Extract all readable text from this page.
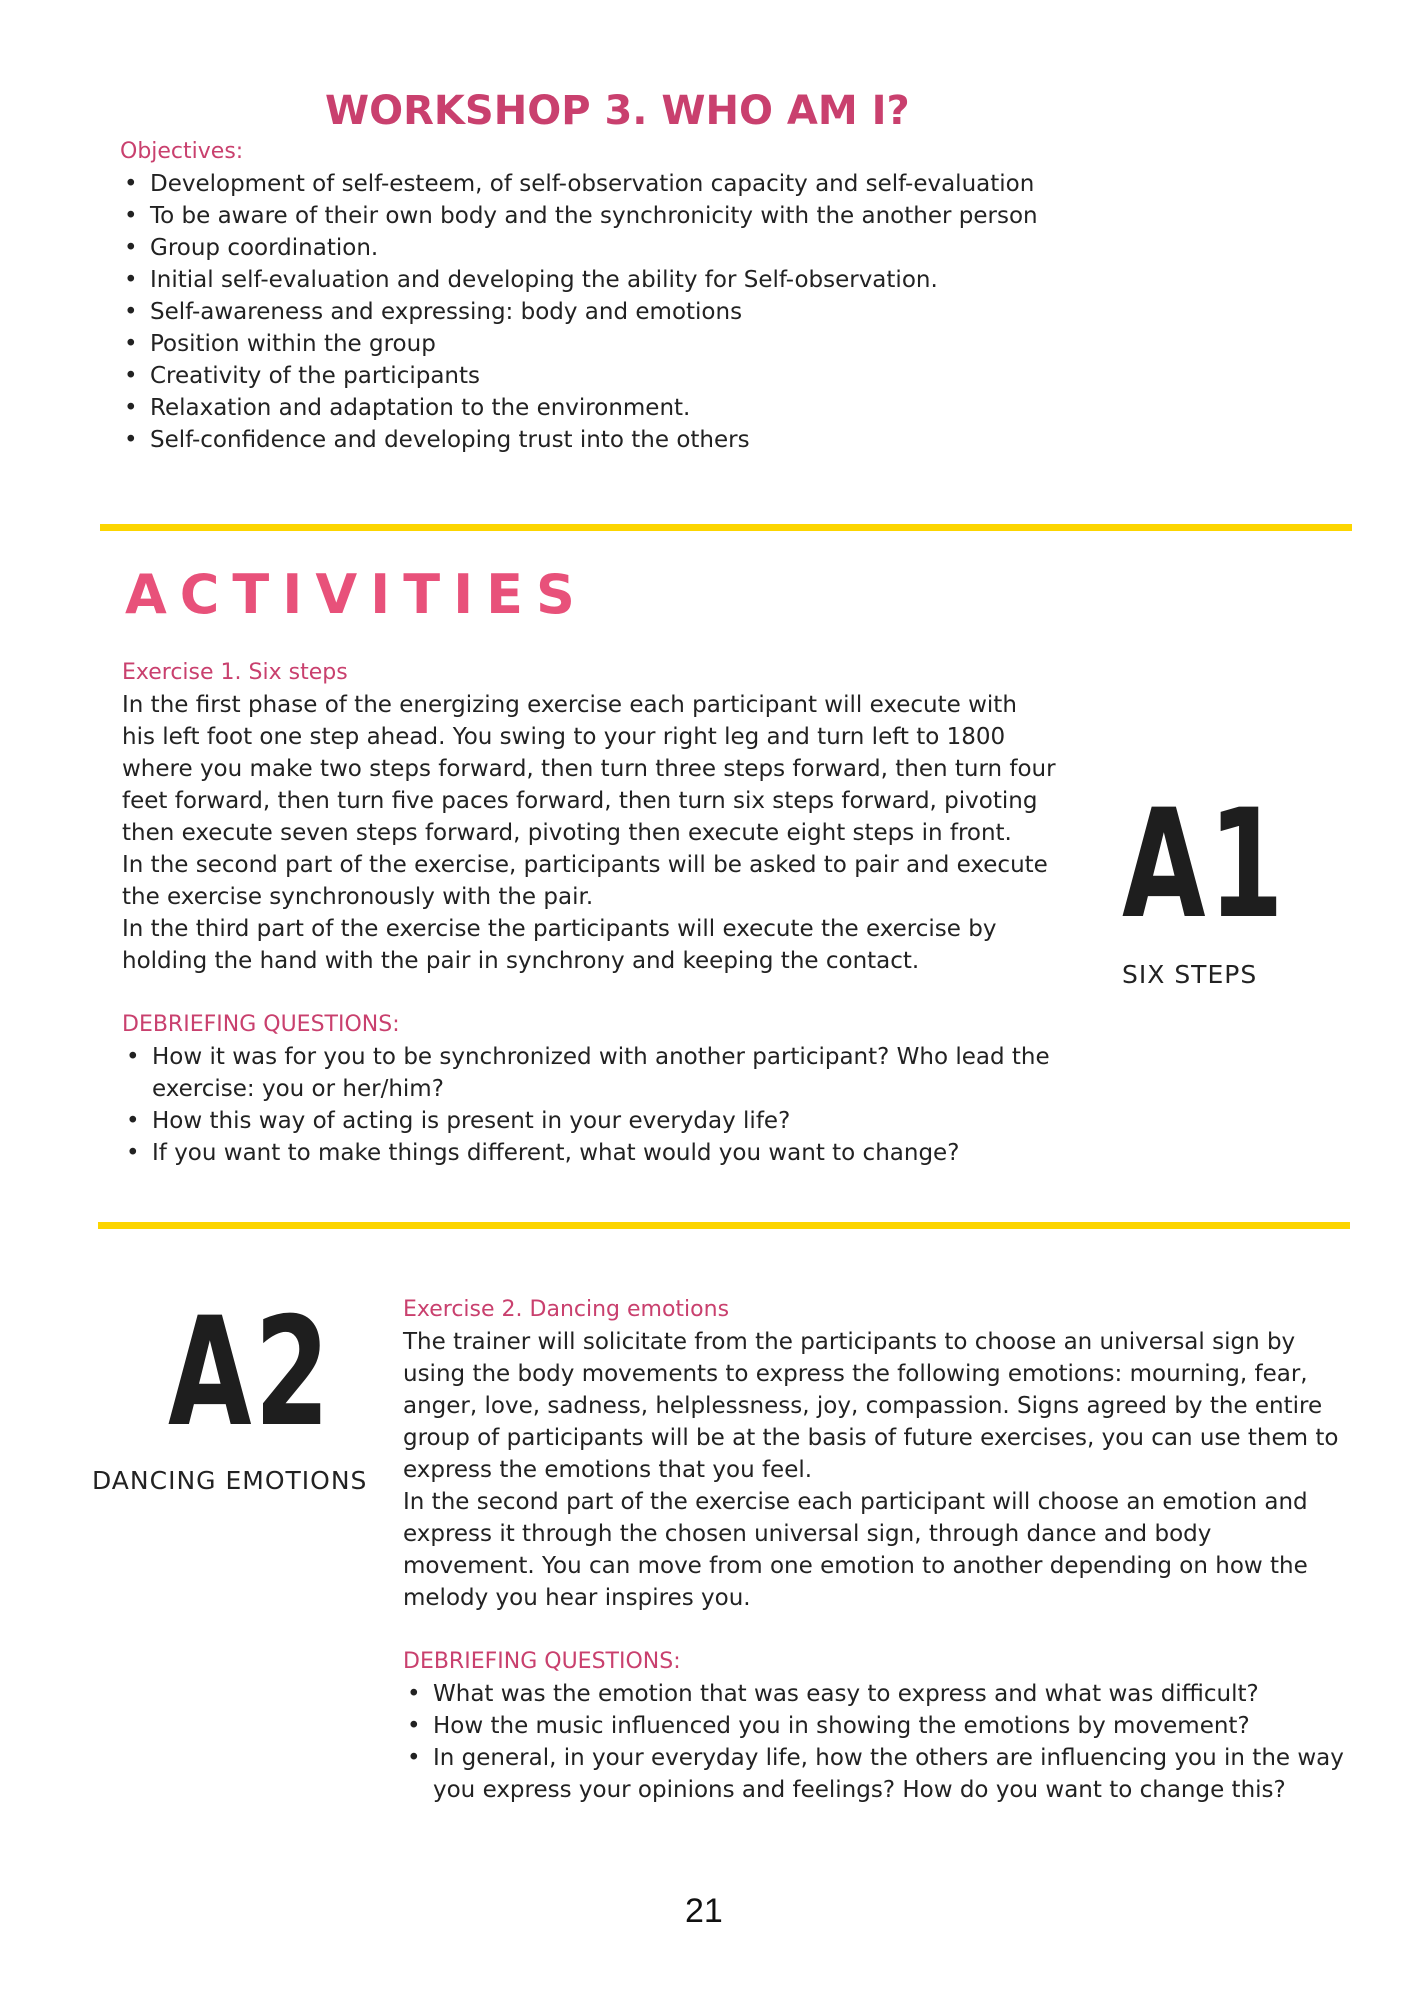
WORKSHOP 3. WHO AM I?

Objectives:

• Development of self-esteem, of self-observation capacity and self-evaluation
• To be aware of their own body and the synchronicity with the another person
• Group coordination.
• Initial self-evaluation and developing the ability for Self-observation.
• Self-awareness and expressing: body and emotions
• Position within the group
• Creativity of the participants
• Relaxation and adaptation to the environment.
• Self-confidence and developing trust into the others
ACTIVITIES

Exercise 1. Six steps

In the first phase of the energizing exercise each participant will execute with

his left foot one step ahead. You swing to your right leg and turn left to 1800

where you make two steps forward, then turn three steps forward, then turn four

feet forward, then turn five paces forward, then turn six steps forward, pivoting

then execute seven steps forward, pivoting then execute eight steps in front.

In the second part of the exercise, participants will be asked to pair and execute

the exercise synchronously with the pair.

In the third part of the exercise the participants will execute the exercise by

holding the hand with the pair in synchrony and keeping the contact.

DEBRIEFING QUESTIONS:

• How it was for you to be synchronized with another participant? Who lead the exercise: you or her/him?
• How this way of acting is present in your everyday life?
• If you want to make things different, what would you want to change?
A1
SIX STEPS
A2
DANCING EMOTIONS

Exercise 2. Dancing emotions

The trainer will solicitate from the participants to choose an universal sign by

using the body movements to express the following emotions: mourning, fear,

anger, love, sadness, helplessness, joy, compassion. Signs agreed by the entire

group of participants will be at the basis of future exercises, you can use them to

express the emotions that you feel.

In the second part of the exercise each participant will choose an emotion and

express it through the chosen universal sign, through dance and body

movement. You can move from one emotion to another depending on how the

melody you hear inspires you.

DEBRIEFING QUESTIONS:

• What was the emotion that was easy to express and what was difficult?
• How the music influenced you in showing the emotions by movement?
• In general, in your everyday life, how the others are influencing you in the way you express your opinions and feelings? How do you want to change this?
21
